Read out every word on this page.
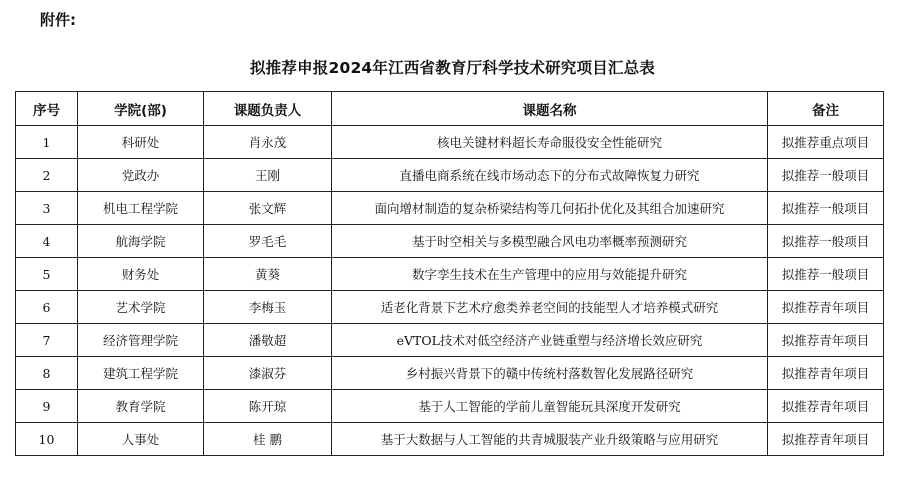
附件:
拟推荐申报2024年江西省教育厅科学技术研究项目汇总表
序号	学院(部)	课题负责人	课题名称	备注
1	科研处	肖永茂	核电关键材料超长寿命服役安全性能研究	拟推荐重点项目
2	党政办	王刚	直播电商系统在线市场动态下的分布式故障恢复力研究	拟推荐一般项目
3	机电工程学院	张文辉	面向增材制造的复杂桥梁结构等几何拓扑优化及其组合加速研究	拟推荐一般项目
4	航海学院	罗毛毛	基于时空相关与多模型融合风电功率概率预测研究	拟推荐一般项目
5	财务处	黄葵	数字孪生技术在生产管理中的应用与效能提升研究	拟推荐一般项目
6	艺术学院	李梅玉	适老化背景下艺术疗愈类养老空间的技能型人才培养模式研究	拟推荐青年项目
7	经济管理学院	潘敬超	eVTOL技术对低空经济产业链重塑与经济增长效应研究	拟推荐青年项目
8	建筑工程学院	漆淑芬	乡村振兴背景下的赣中传统村落数智化发展路径研究	拟推荐青年项目
9	教育学院	陈开琼	基于人工智能的学前儿童智能玩具深度开发研究	拟推荐青年项目
10	人事处	桂 鹏	基于大数据与人工智能的共青城服装产业升级策略与应用研究	拟推荐青年项目
